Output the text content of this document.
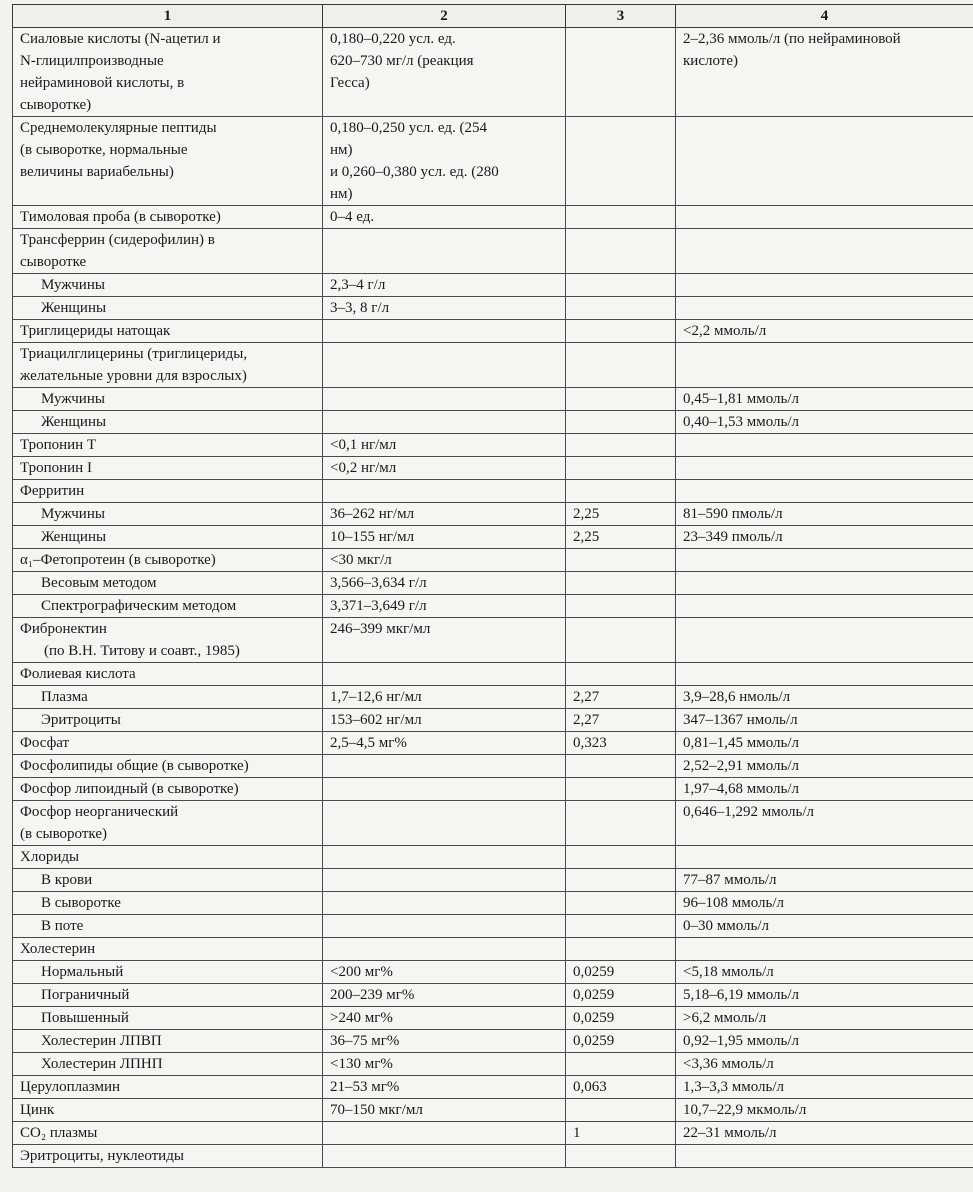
1	2	3	4
Сиаловые кислоты (N-ацетил и
N-глицилпроизводные
нейраминовой кислоты, в
сыворотке)	0,180–0,220 усл. ед.
620–730 мг/л (реакция
Гесса)		2–2,36 ммоль/л (по нейраминовой
кислоте)
Среднемолекулярные пептиды
(в сыворотке, нормальные
величины вариабельны)	0,180–0,250 усл. ед. (254
нм)
и 0,260–0,380 усл. ед. (280
нм)		
Тимоловая проба (в сыворотке)	0–4 ед.		
Трансферрин (сидерофилин) в
сыворотке			
Мужчины	2,3–4 г/л		
Женщины	3–3, 8 г/л		
Триглицериды натощак			<2,2 ммоль/л
Триацилглицерины (триглицериды,
желательные уровни для взрослых)			
Мужчины			0,45–1,81 ммоль/л
Женщины			0,40–1,53 ммоль/л
Тропонин T	<0,1 нг/мл		
Тропонин I	<0,2 нг/мл		
Ферритин			
Мужчины	36–262 нг/мл	2,25	81–590 пмоль/л
Женщины	10–155 нг/мл	2,25	23–349 пмоль/л
α₁–Фетопротеин (в сыворотке)	<30 мкг/л		
Весовым методом	3,566–3,634 г/л		
Спектрографическим методом	3,371–3,649 г/л		

Фибронектин
(по В.Н. Титову и соавт., 1985)	246–399 мкг/мл		
Фолиевая кислота			
Плазма	1,7–12,6 нг/мл	2,27	3,9–28,6 нмоль/л
Эритроциты	153–602 нг/мл	2,27	347–1367 нмоль/л
Фосфат	2,5–4,5 мг%	0,323	0,81–1,45 ммоль/л
Фосфолипиды общие (в сыворотке)			2,52–2,91 ммоль/л
Фосфор липоидный (в сыворотке)			1,97–4,68 ммоль/л
Фосфор неорганический
(в сыворотке)			0,646–1,292 ммоль/л
Хлориды			
В крови			77–87 ммоль/л
В сыворотке			96–108 ммоль/л
В поте			0–30 ммоль/л
Холестерин			
Нормальный	<200 мг%	0,0259	<5,18 ммоль/л
Пограничный	200–239 мг%	0,0259	5,18–6,19 ммоль/л
Повышенный	>240 мг%	0,0259	>6,2 ммоль/л
Холестерин ЛПВП	36–75 мг%	0,0259	0,92–1,95 ммоль/л
Холестерин ЛПНП	<130 мг%		<3,36 ммоль/л
Церулоплазмин	21–53 мг%	0,063	1,3–3,3 ммоль/л
Цинк	70–150 мкг/мл		10,7–22,9 мкмоль/л
CO₂ плазмы		1	22–31 ммоль/л
Эритроциты, нуклеотиды			
